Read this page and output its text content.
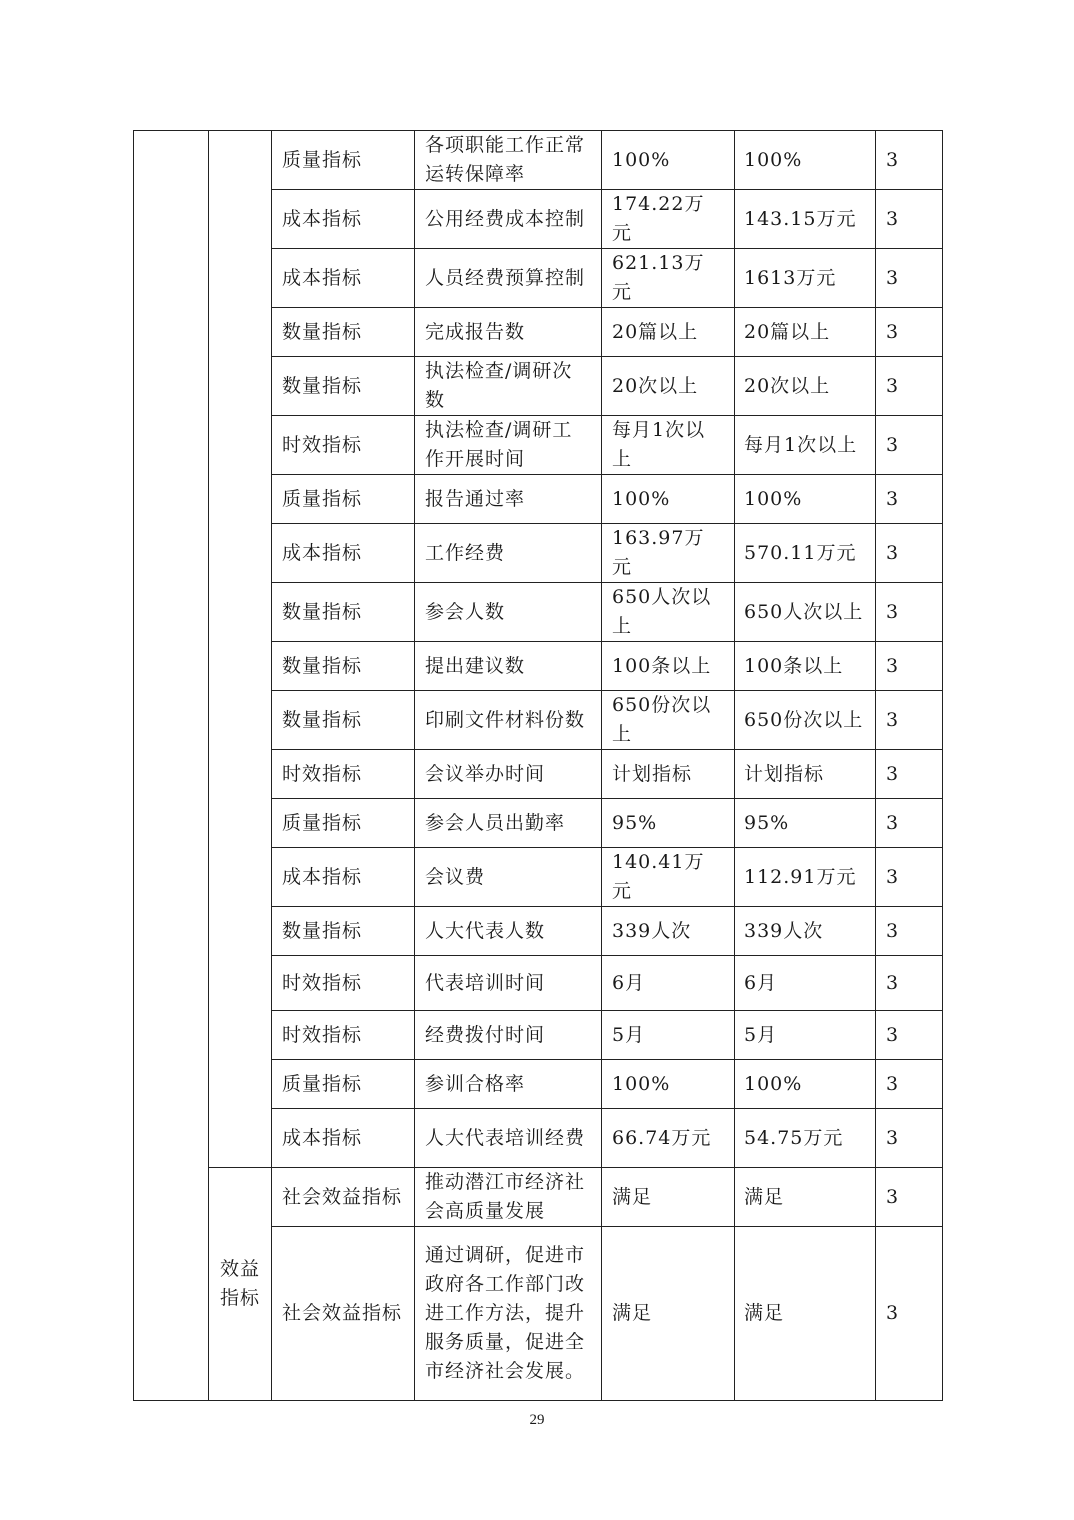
		质量指标	各项职能工作正常运转保障率	100%	100%	3
		成本指标	公用经费成本控制	174.22万元	143.15万元	3
		成本指标	人员经费预算控制	621.13万元	1613万元	3
		数量指标	完成报告数	20篇以上	20篇以上	3
		数量指标	执法检查/调研次数	20次以上	20次以上	3
		时效指标	执法检查/调研工作开展时间	每月1次以上	每月1次以上	3
		质量指标	报告通过率	100%	100%	3
		成本指标	工作经费	163.97万元	570.11万元	3
		数量指标	参会人数	650人次以上	650人次以上	3
		数量指标	提出建议数	100条以上	100条以上	3
		数量指标	印刷文件材料份数	650份次以上	650份次以上	3
		时效指标	会议举办时间	计划指标	计划指标	3
		质量指标	参会人员出勤率	95%	95%	3
		成本指标	会议费	140.41万元	112.91万元	3
		数量指标	人大代表人数	339人次	339人次	3
		时效指标	代表培训时间	6月	6月	3
		时效指标	经费拨付时间	5月	5月	3
		质量指标	参训合格率	100%	100%	3
		成本指标	人大代表培训经费	66.74万元	54.75万元	3
	效益指标	社会效益指标	推动潜江市经济社会高质量发展	满足	满足	3
		社会效益指标	通过调研，促进市政府各工作部门改进工作方法，提升服务质量，促进全市经济社会发展。	满足	满足	3
29
